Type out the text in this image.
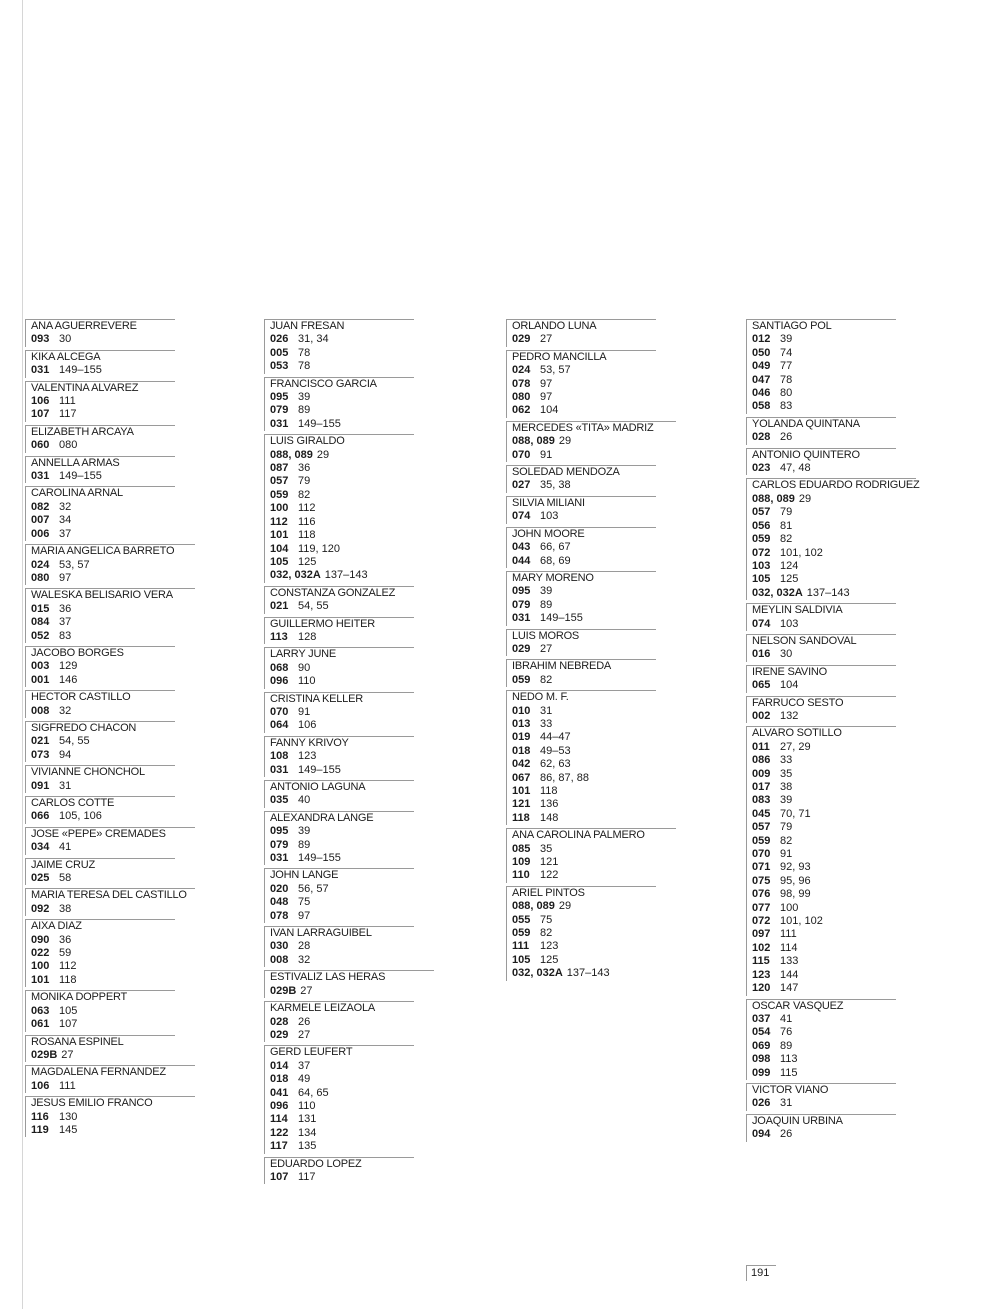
ANA AGUERREVERE
093 30
KIKA ALCEGA
031 149–155
VALENTINA ALVAREZ
106 111
107 117
ELIZABETH ARCAYA
060 080
ANNELLA ARMAS
031 149–155
CAROLINA ARNAL
082 32
007 34
006 37
MARIA ANGELICA BARRETO
024 53, 57
080 97
WALESKA BELISARIO VERA
015 36
084 37
052 83
JACOBO BORGES
003 129
001 146
HECTOR CASTILLO
008 32
SIGFREDO CHACON
021 54, 55
073 94
VIVIANNE CHONCHOL
091 31
CARLOS COTTE
066 105, 106
JOSE «PEPE» CREMADES
034 41
JAIME CRUZ
025 58
MARIA TERESA DEL CASTILLO
092 38
AIXA DIAZ
090 36
022 59
100 112
101 118
MONIKA DOPPERT
063 105
061 107
ROSANA ESPINEL
029B 27
MAGDALENA FERNANDEZ
106 111
JESUS EMILIO FRANCO
116 130
119 145
JUAN FRESAN
026 31, 34
005 78
053 78
FRANCISCO GARCIA
095 39
079 89
031 149–155
LUIS GIRALDO
088, 089 29
087 36
057 79
059 82
100 112
112 116
101 118
104 119, 120
105 125
032, 032A 137–143
CONSTANZA GONZALEZ
021 54, 55
GUILLERMO HEITER
113 128
LARRY JUNE
068 90
096 110
CRISTINA KELLER
070 91
064 106
FANNY KRIVOY
108 123
031 149–155
ANTONIO LAGUNA
035 40
ALEXANDRA LANGE
095 39
079 89
031 149–155
JOHN LANGE
020 56, 57
048 75
078 97
IVAN LARRAGUIBEL
030 28
008 32
ESTIVALIZ LAS HERAS
029B 27
KARMELE LEIZAOLA
028 26
029 27
GERD LEUFERT
014 37
018 49
041 64, 65
096 110
114 131
122 134
117 135
EDUARDO LOPEZ
107 117
ORLANDO LUNA
029 27
PEDRO MANCILLA
024 53, 57
078 97
080 97
062 104
MERCEDES «TITA» MADRIZ
088, 089 29
070 91
SOLEDAD MENDOZA
027 35, 38
SILVIA MILIANI
074 103
JOHN MOORE
043 66, 67
044 68, 69
MARY MORENO
095 39
079 89
031 149–155
LUIS MOROS
029 27
IBRAHIM NEBREDA
059 82
NEDO M. F.
010 31
013 33
019 44–47
018 49–53
042 62, 63
067 86, 87, 88
101 118
121 136
118 148
ANA CAROLINA PALMERO
085 35
109 121
110 122
ARIEL PINTOS
088, 089 29
055 75
059 82
111 123
105 125
032, 032A 137–143
SANTIAGO POL
012 39
050 74
049 77
047 78
046 80
058 83
YOLANDA QUINTANA
028 26
ANTONIO QUINTERO
023 47, 48
CARLOS EDUARDO RODRIGUEZ
088, 089 29
057 79
056 81
059 82
072 101, 102
103 124
105 125
032, 032A 137–143
MEYLIN SALDIVIA
074 103
NELSON SANDOVAL
016 30
IRENE SAVINO
065 104
FARRUCO SESTO
002 132
ALVARO SOTILLO
011 27, 29
086 33
009 35
017 38
083 39
045 70, 71
057 79
059 82
070 91
071 92, 93
075 95, 96
076 98, 99
077 100
072 101, 102
097 111
102 114
115 133
123 144
120 147
OSCAR VASQUEZ
037 41
054 76
069 89
098 113
099 115
VICTOR VIANO
026 31
JOAQUIN URBINA
094 26
191
